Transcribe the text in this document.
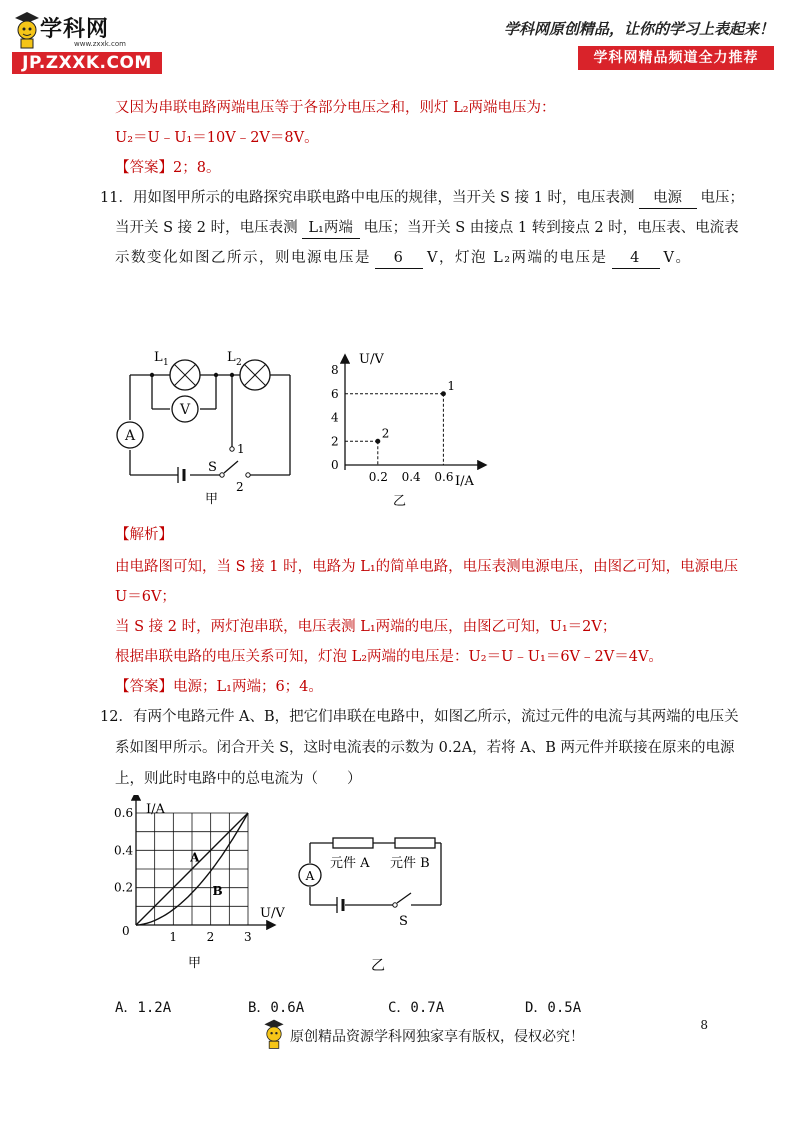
学科网
www.zxxk.com
JP.ZXXK.COM
学科网原创精品，让你的学习上表起来！
学科网精品频道全力推荐
又因为串联电路两端电压等于各部分电压之和，则灯 L₂两端电压为：
U₂＝U﹣U₁＝10V﹣2V＝8V。
【答案】2；8。
11．用如图甲所示的电路探究串联电路中电压的规律，当开关 S 接 1 时，电压表测 电源 电压；
当开关 S 接 2 时，电压表测 L₁两端 电压；当开关 S 由接点 1 转到接点 2 时，电压表、电流表
示数变化如图乙所示，则电源电压是 6 V，灯泡 L₂两端的电压是 4 V。
V
A
L 1	L 2
S
1
2
甲
0
2
4
6
8
0.2 0.4 0.6
1
2
U/V
I/A
乙
【解析】
由电路图可知，当 S 接 1 时，电路为 L₁的简单电路，电压表测电源电压，由图乙可知，电源电压
U＝6V；
当 S 接 2 时，两灯泡串联，电压表测 L₁两端的电压，由图乙可知，U₁＝2V；
根据串联电路的电压关系可知，灯泡 L₂两端的电压是：U₂＝U﹣U₁＝6V﹣2V＝4V。
【答案】电源；L₁两端；6；4。
12．有两个电路元件 A、B，把它们串联在电路中，如图乙所示，流过元件的电流与其两端的电压关
系如图甲所示。闭合开关 S，这时电流表的示数为 0.2A，若将 A、B 两元件并联接在原来的电源
上，则此时电路中的总电流为（　　）
0.2
0.4
0.6
1 2 3
A
B
I/A
U/V
0
甲
A
元件 A 元件 B
S
乙
A．1.2A	B．0.6A	C．0.7A	D．0.5A
原创精品资源学科网独家享有版权，侵权必究！
8
